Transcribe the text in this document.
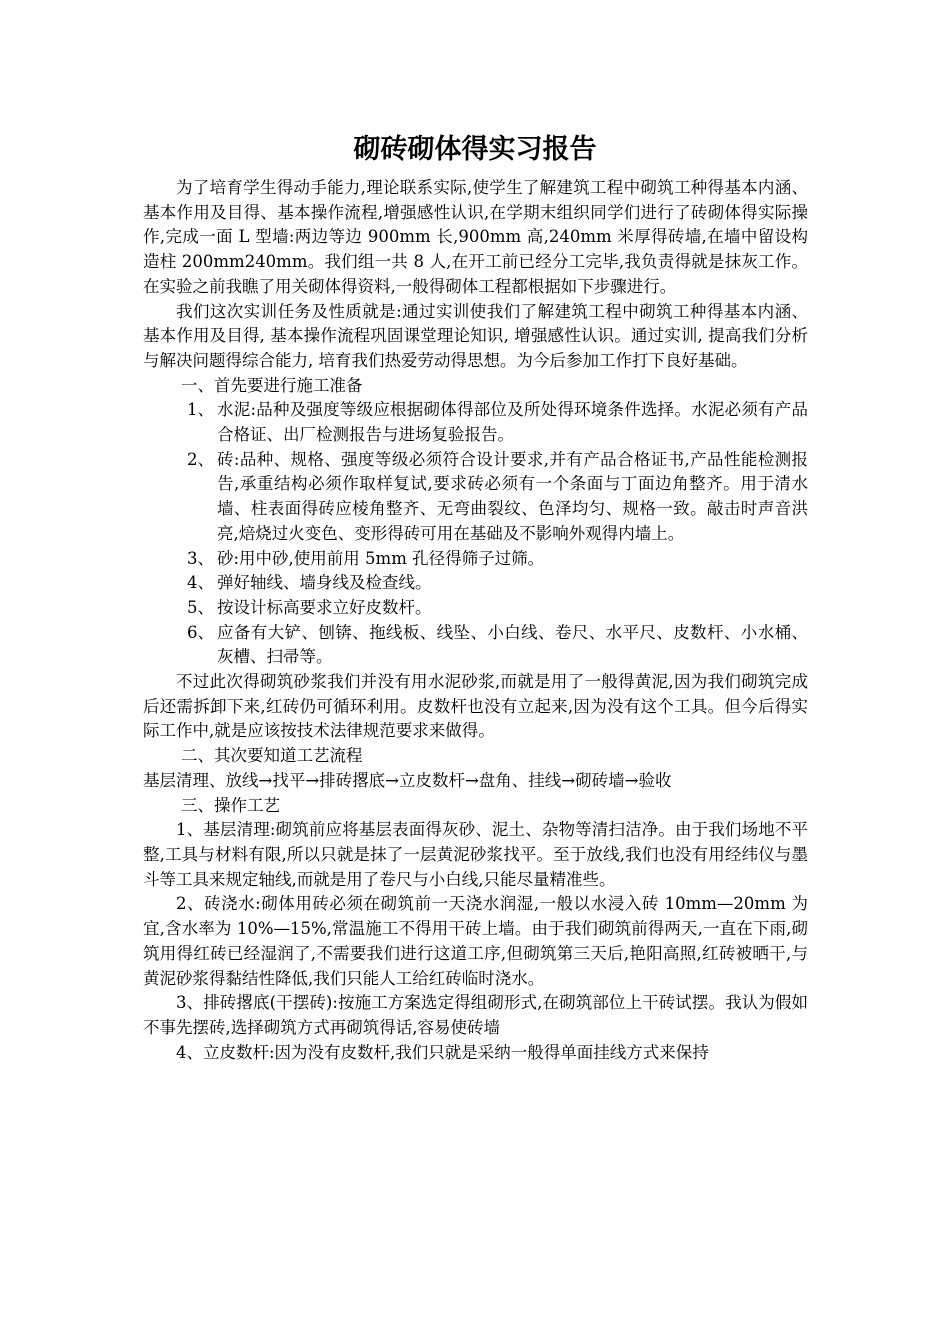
砌砖砌体得实习报告

为了培育学生得动手能力,理论联系实际,使学生了解建筑工程中砌筑工种得基本内涵、基本作用及目得、基本操作流程,增强感性认识,在学期末组织同学们进行了砖砌体得实际操作,完成一面 L 型墙:两边等边 900mm 长,900mm 高,240mm 米厚得砖墙,在墙中留设构造柱 200mm240mm。我们组一共 8 人,在开工前已经分工完毕,我负责得就是抹灰工作。在实验之前我瞧了用关砌体得资料,一般得砌体工程都根据如下步骤进行。

我们这次实训任务及性质就是:通过实训使我们了解建筑工程中砌筑工种得基本内涵、基本作用及目得, 基本操作流程巩固课堂理论知识, 增强感性认识。通过实训, 提高我们分析与解决问题得综合能力, 培育我们热爱劳动得思想。为今后参加工作打下良好基础。

一、首先要进行施工准备

1、 水泥:品种及强度等级应根据砌体得部位及所处得环境条件选择。水泥必须有产品合格证、出厂检测报告与进场复验报告。

2、 砖:品种、规格、强度等级必须符合设计要求,并有产品合格证书,产品性能检测报告,承重结构必须作取样复试,要求砖必须有一个条面与丁面边角整齐。用于清水墙、柱表面得砖应棱角整齐、无弯曲裂纹、色泽均匀、规格一致。敲击时声音洪亮,焙烧过火变色、变形得砖可用在基础及不影响外观得内墙上。

3、 砂:用中砂,使用前用 5mm 孔径得筛子过筛。

4、 弹好轴线、墙身线及检查线。

5、 按设计标高要求立好皮数杆。

6、 应备有大铲、刨锛、拖线板、线坠、小白线、卷尺、水平尺、皮数杆、小水桶、灰槽、扫帚等。

不过此次得砌筑砂浆我们并没有用水泥砂浆,而就是用了一般得黄泥,因为我们砌筑完成后还需拆卸下来,红砖仍可循环利用。皮数杆也没有立起来,因为没有这个工具。但今后得实际工作中,就是应该按技术法律规范要求来做得。

二、其次要知道工艺流程

基层清理、放线→找平→排砖撂底→立皮数杆→盘角、挂线→砌砖墙→验收

三、操作工艺

1、基层清理:砌筑前应将基层表面得灰砂、泥土、杂物等清扫洁净。由于我们场地不平整,工具与材料有限,所以只就是抹了一层黄泥砂浆找平。至于放线,我们也没有用经纬仪与墨斗等工具来规定轴线,而就是用了卷尺与小白线,只能尽量精准些。

2、砖浇水:砌体用砖必须在砌筑前一天浇水润湿,一般以水浸入砖 10mm—20mm 为宜,含水率为 10%—15%,常温施工不得用干砖上墙。由于我们砌筑前得两天,一直在下雨,砌筑用得红砖已经湿润了,不需要我们进行这道工序,但砌筑第三天后,艳阳高照,红砖被晒干,与黄泥砂浆得黏结性降低,我们只能人工给红砖临时浇水。

3、排砖撂底(干摆砖):按施工方案选定得组砌形式,在砌筑部位上干砖试摆。我认为假如不事先摆砖,选择砌筑方式再砌筑得话,容易使砖墙

4、立皮数杆:因为没有皮数杆,我们只就是采纳一般得单面挂线方式来保持
